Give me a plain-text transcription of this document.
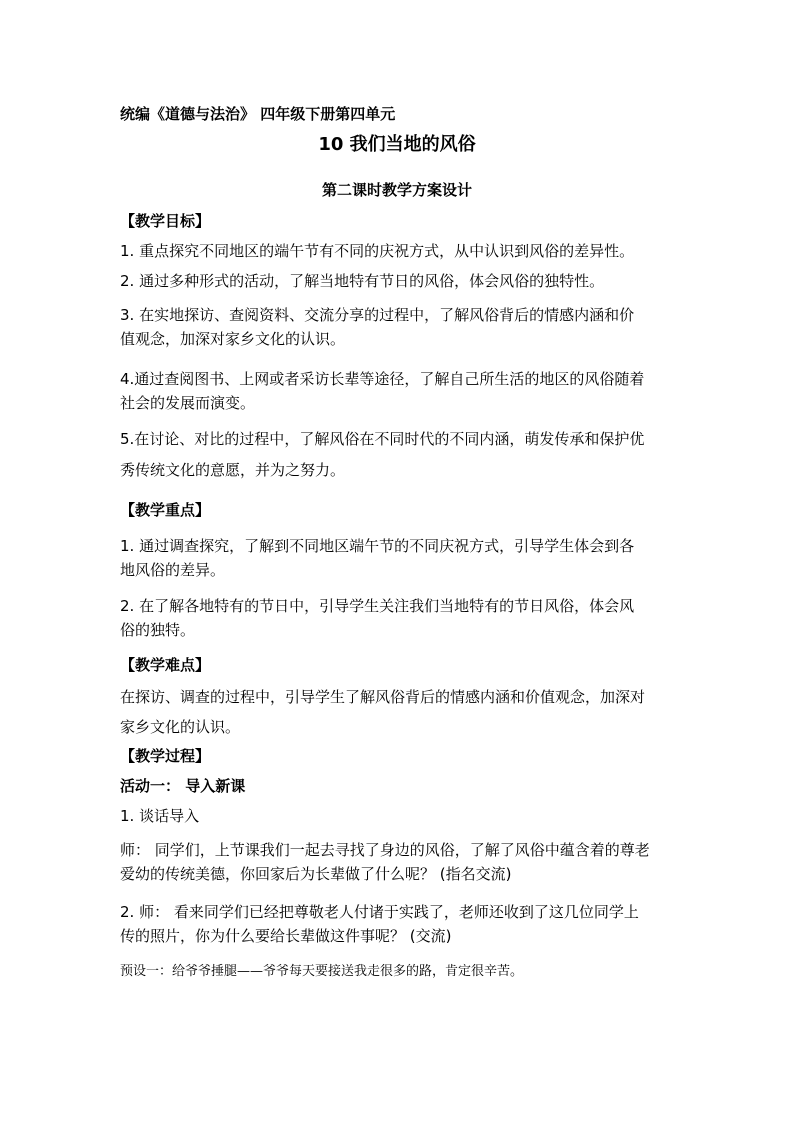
统编《道德与法治》 四年级下册第四单元
10 我们当地的风俗
第二课时教学方案设计
【教学目标】
1. 重点探究不同地区的端午节有不同的庆祝方式，从中认识到风俗的差异性。
2. 通过多种形式的活动，了解当地特有节日的风俗，体会风俗的独特性。
3. 在实地探访、查阅资料、交流分享的过程中，了解风俗背后的情感内涵和价
值观念，加深对家乡文化的认识。
4.通过查阅图书、上网或者采访长辈等途径，了解自己所生活的地区的风俗随着
社会的发展而演变。
5.在讨论、对比的过程中，了解风俗在不同时代的不同内涵，萌发传承和保护优
秀传统文化的意愿，并为之努力。
【教学重点】
1. 通过调查探究，了解到不同地区端午节的不同庆祝方式，引导学生体会到各
地风俗的差异。
2. 在了解各地特有的节日中，引导学生关注我们当地特有的节日风俗，体会风
俗的独特。
【教学难点】
在探访、调查的过程中，引导学生了解风俗背后的情感内涵和价值观念，加深对
家乡文化的认识。
【教学过程】
活动一： 导入新课
1. 谈话导入
师： 同学们，上节课我们一起去寻找了身边的风俗，了解了风俗中蕴含着的尊老
爱幼的传统美德，你回家后为长辈做了什么呢？ (指名交流)
2. 师： 看来同学们已经把尊敬老人付诸于实践了，老师还收到了这几位同学上
传的照片，你为什么要给长辈做这件事呢？ (交流)
预设一：给爷爷捶腿——爷爷每天要接送我走很多的路，肯定很辛苦。
